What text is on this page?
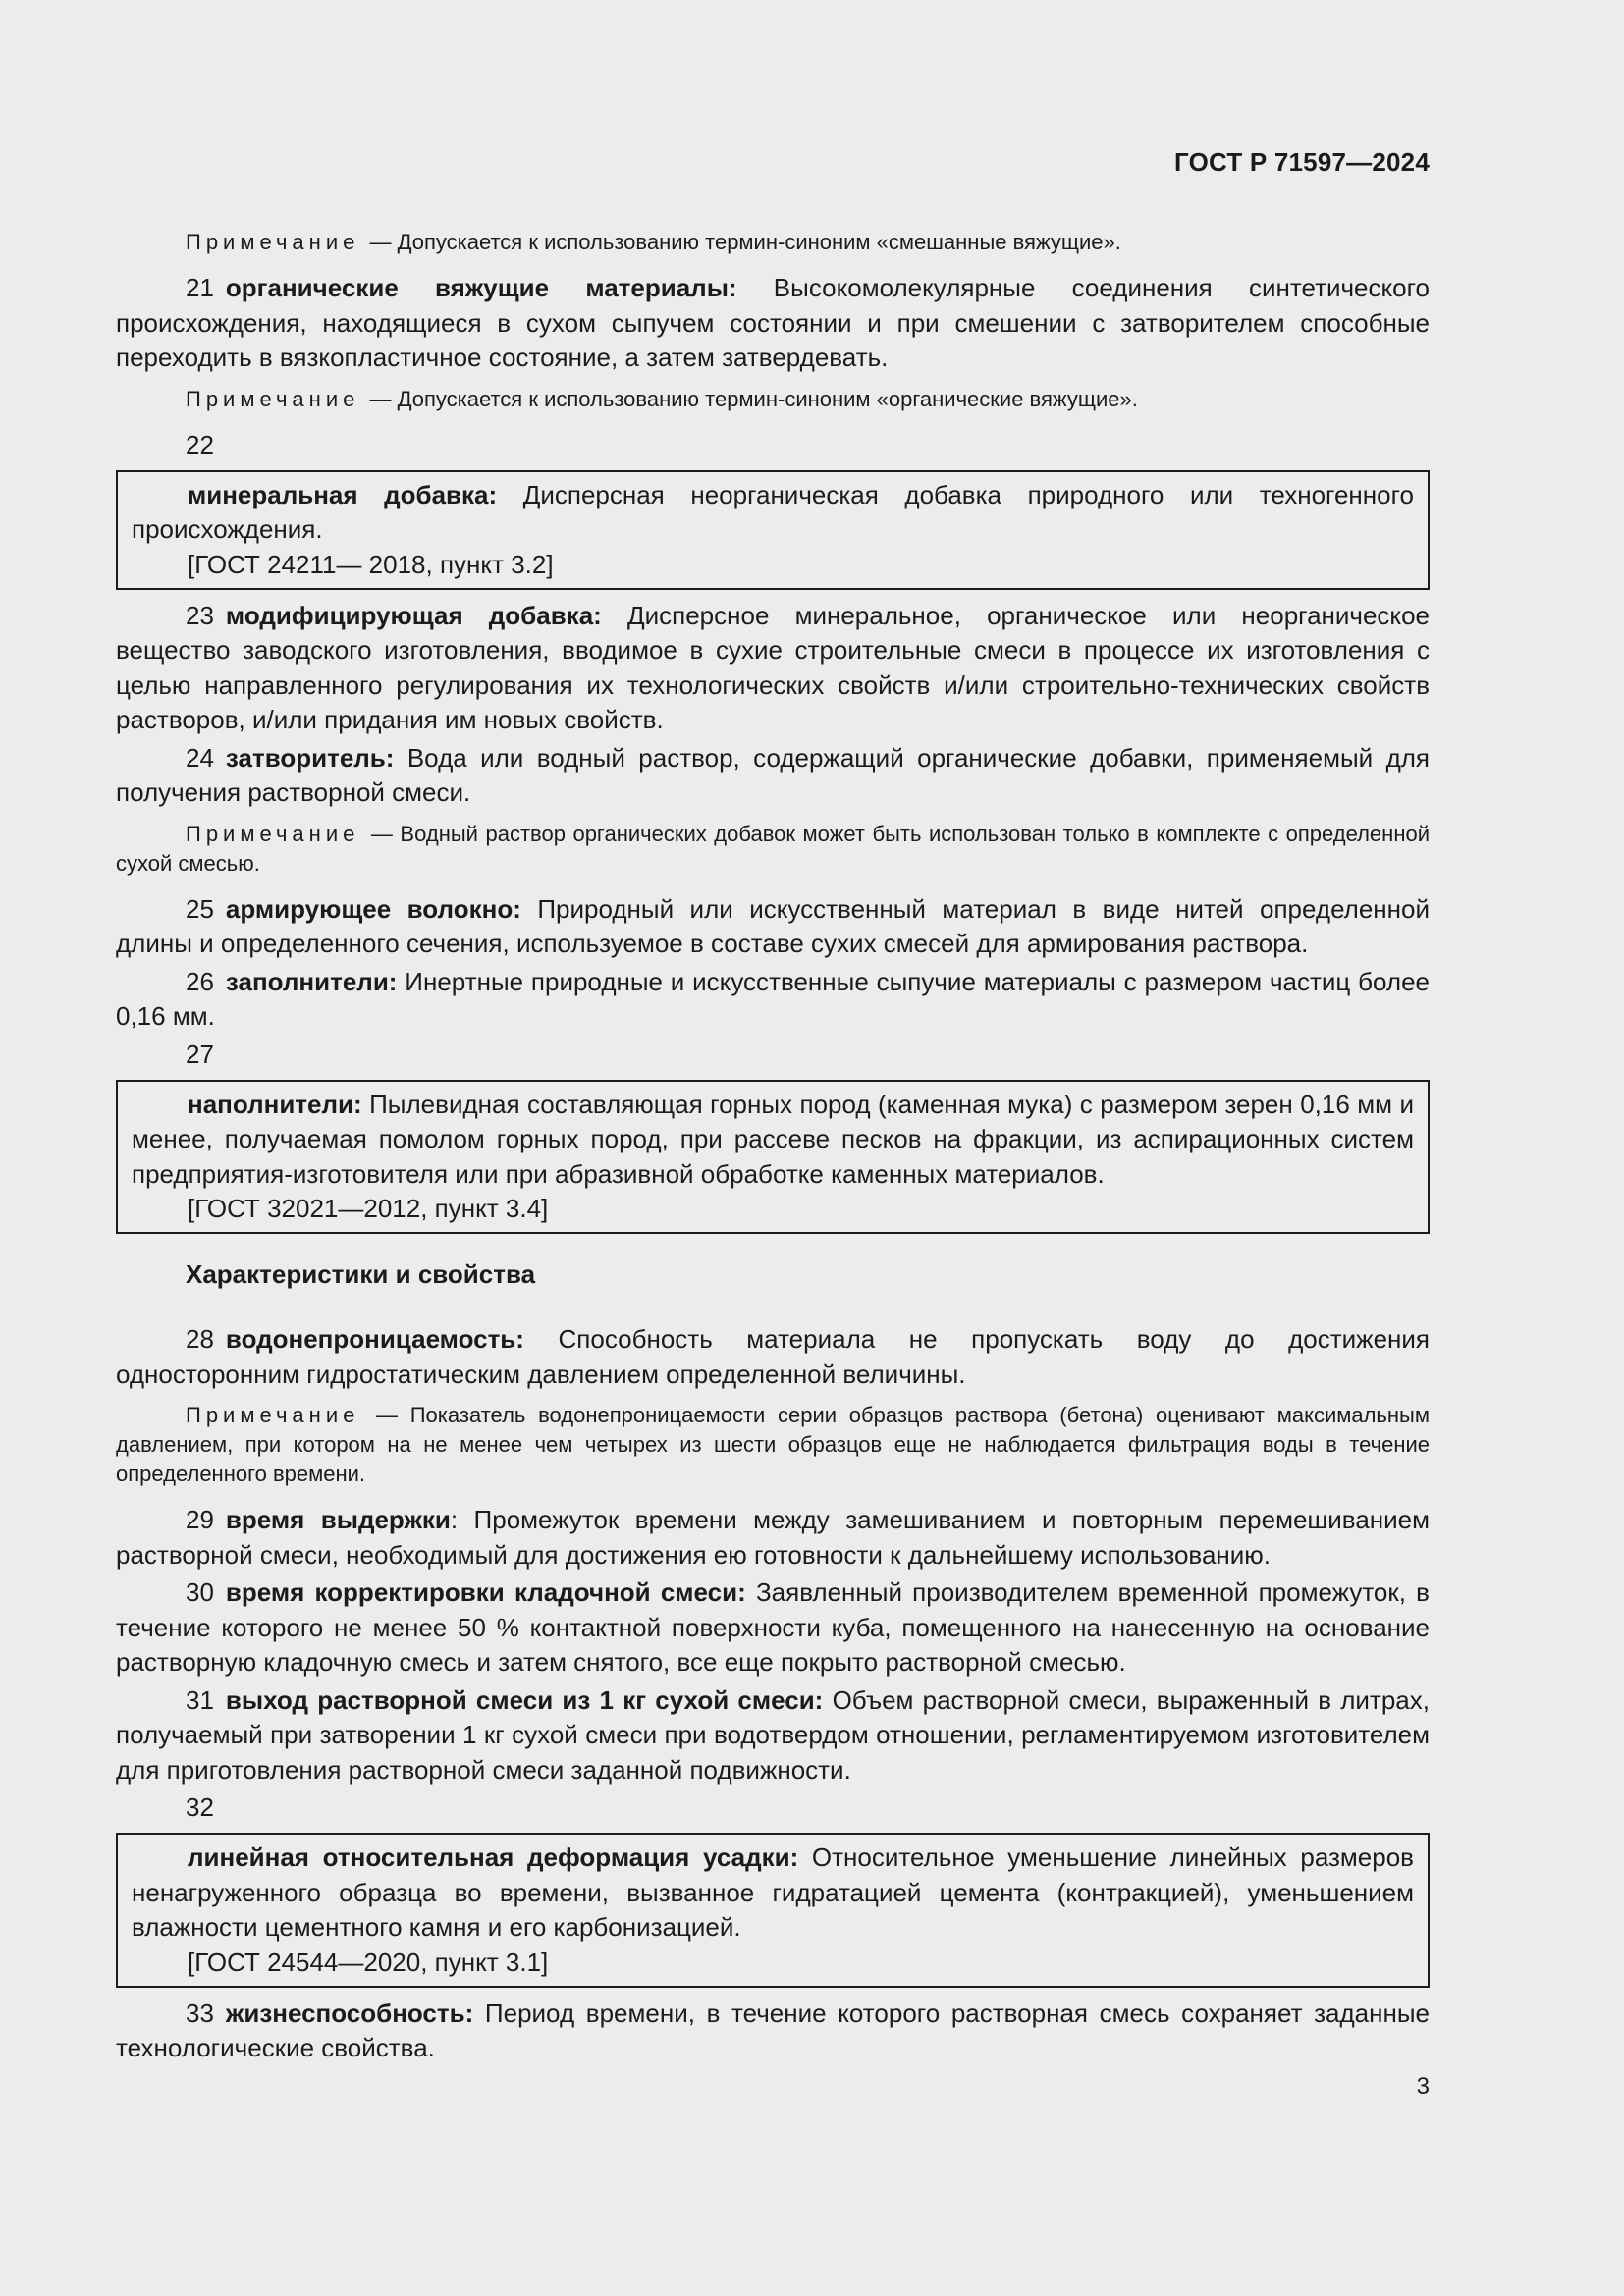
ГОСТ Р 71597—2024

Примечание — Допускается к использованию термин-синоним «смешанные вяжущие».

21 органические вяжущие материалы: Высокомолекулярные соединения синтетического происхождения, находящиеся в сухом сыпучем состоянии и при смешении с затворителем способные переходить в вязкопластичное состояние, а затем затвердевать.

Примечание — Допускается к использованию термин-синоним «органические вяжущие».

22

минеральная добавка: Дисперсная неорганическая добавка природного или техногенного происхождения.

[ГОСТ 24211— 2018, пункт 3.2]

23 модифицирующая добавка: Дисперсное минеральное, органическое или неорганическое вещество заводского изготовления, вводимое в сухие строительные смеси в процессе их изготовления с целью направленного регулирования их технологических свойств и/или строительно-технических свойств растворов, и/или придания им новых свойств.

24 затворитель: Вода или водный раствор, содержащий органические добавки, применяемый для получения растворной смеси.

Примечание — Водный раствор органических добавок может быть использован только в комплекте с определенной сухой смесью.

25 армирующее волокно: Природный или искусственный материал в виде нитей определенной длины и определенного сечения, используемое в составе сухих смесей для армирования раствора.

26 заполнители: Инертные природные и искусственные сыпучие материалы с размером частиц более 0,16 мм.

27

наполнители: Пылевидная составляющая горных пород (каменная мука) с размером зерен 0,16 мм и менее, получаемая помолом горных пород, при рассеве песков на фракции, из аспирационных систем предприятия-изготовителя или при абразивной обработке каменных материалов.

[ГОСТ 32021—2012, пункт 3.4]
Характеристики и свойства

28 водонепроницаемость: Способность материала не пропускать воду до достижения односторонним гидростатическим давлением определенной величины.

Примечание — Показатель водонепроницаемости серии образцов раствора (бетона) оценивают максимальным давлением, при котором на не менее чем четырех из шести образцов еще не наблюдается фильтрация воды в течение определенного времени.

29 время выдержки: Промежуток времени между замешиванием и повторным перемешиванием растворной смеси, необходимый для достижения ею готовности к дальнейшему использованию.

30 время корректировки кладочной смеси: Заявленный производителем временной промежуток, в течение которого не менее 50 % контактной поверхности куба, помещенного на нанесенную на основание растворную кладочную смесь и затем снятого, все еще покрыто растворной смесью.

31 выход растворной смеси из 1 кг сухой смеси: Объем растворной смеси, выраженный в литрах, получаемый при затворении 1 кг сухой смеси при водотвердом отношении, регламентируемом изготовителем для приготовления растворной смеси заданной подвижности.

32

линейная относительная деформация усадки: Относительное уменьшение линейных размеров ненагруженного образца во времени, вызванное гидратацией цемента (контракцией), уменьшением влажности цементного камня и его карбонизацией.

[ГОСТ 24544—2020, пункт 3.1]

33 жизнеспособность: Период времени, в течение которого растворная смесь сохраняет заданные технологические свойства.

3
